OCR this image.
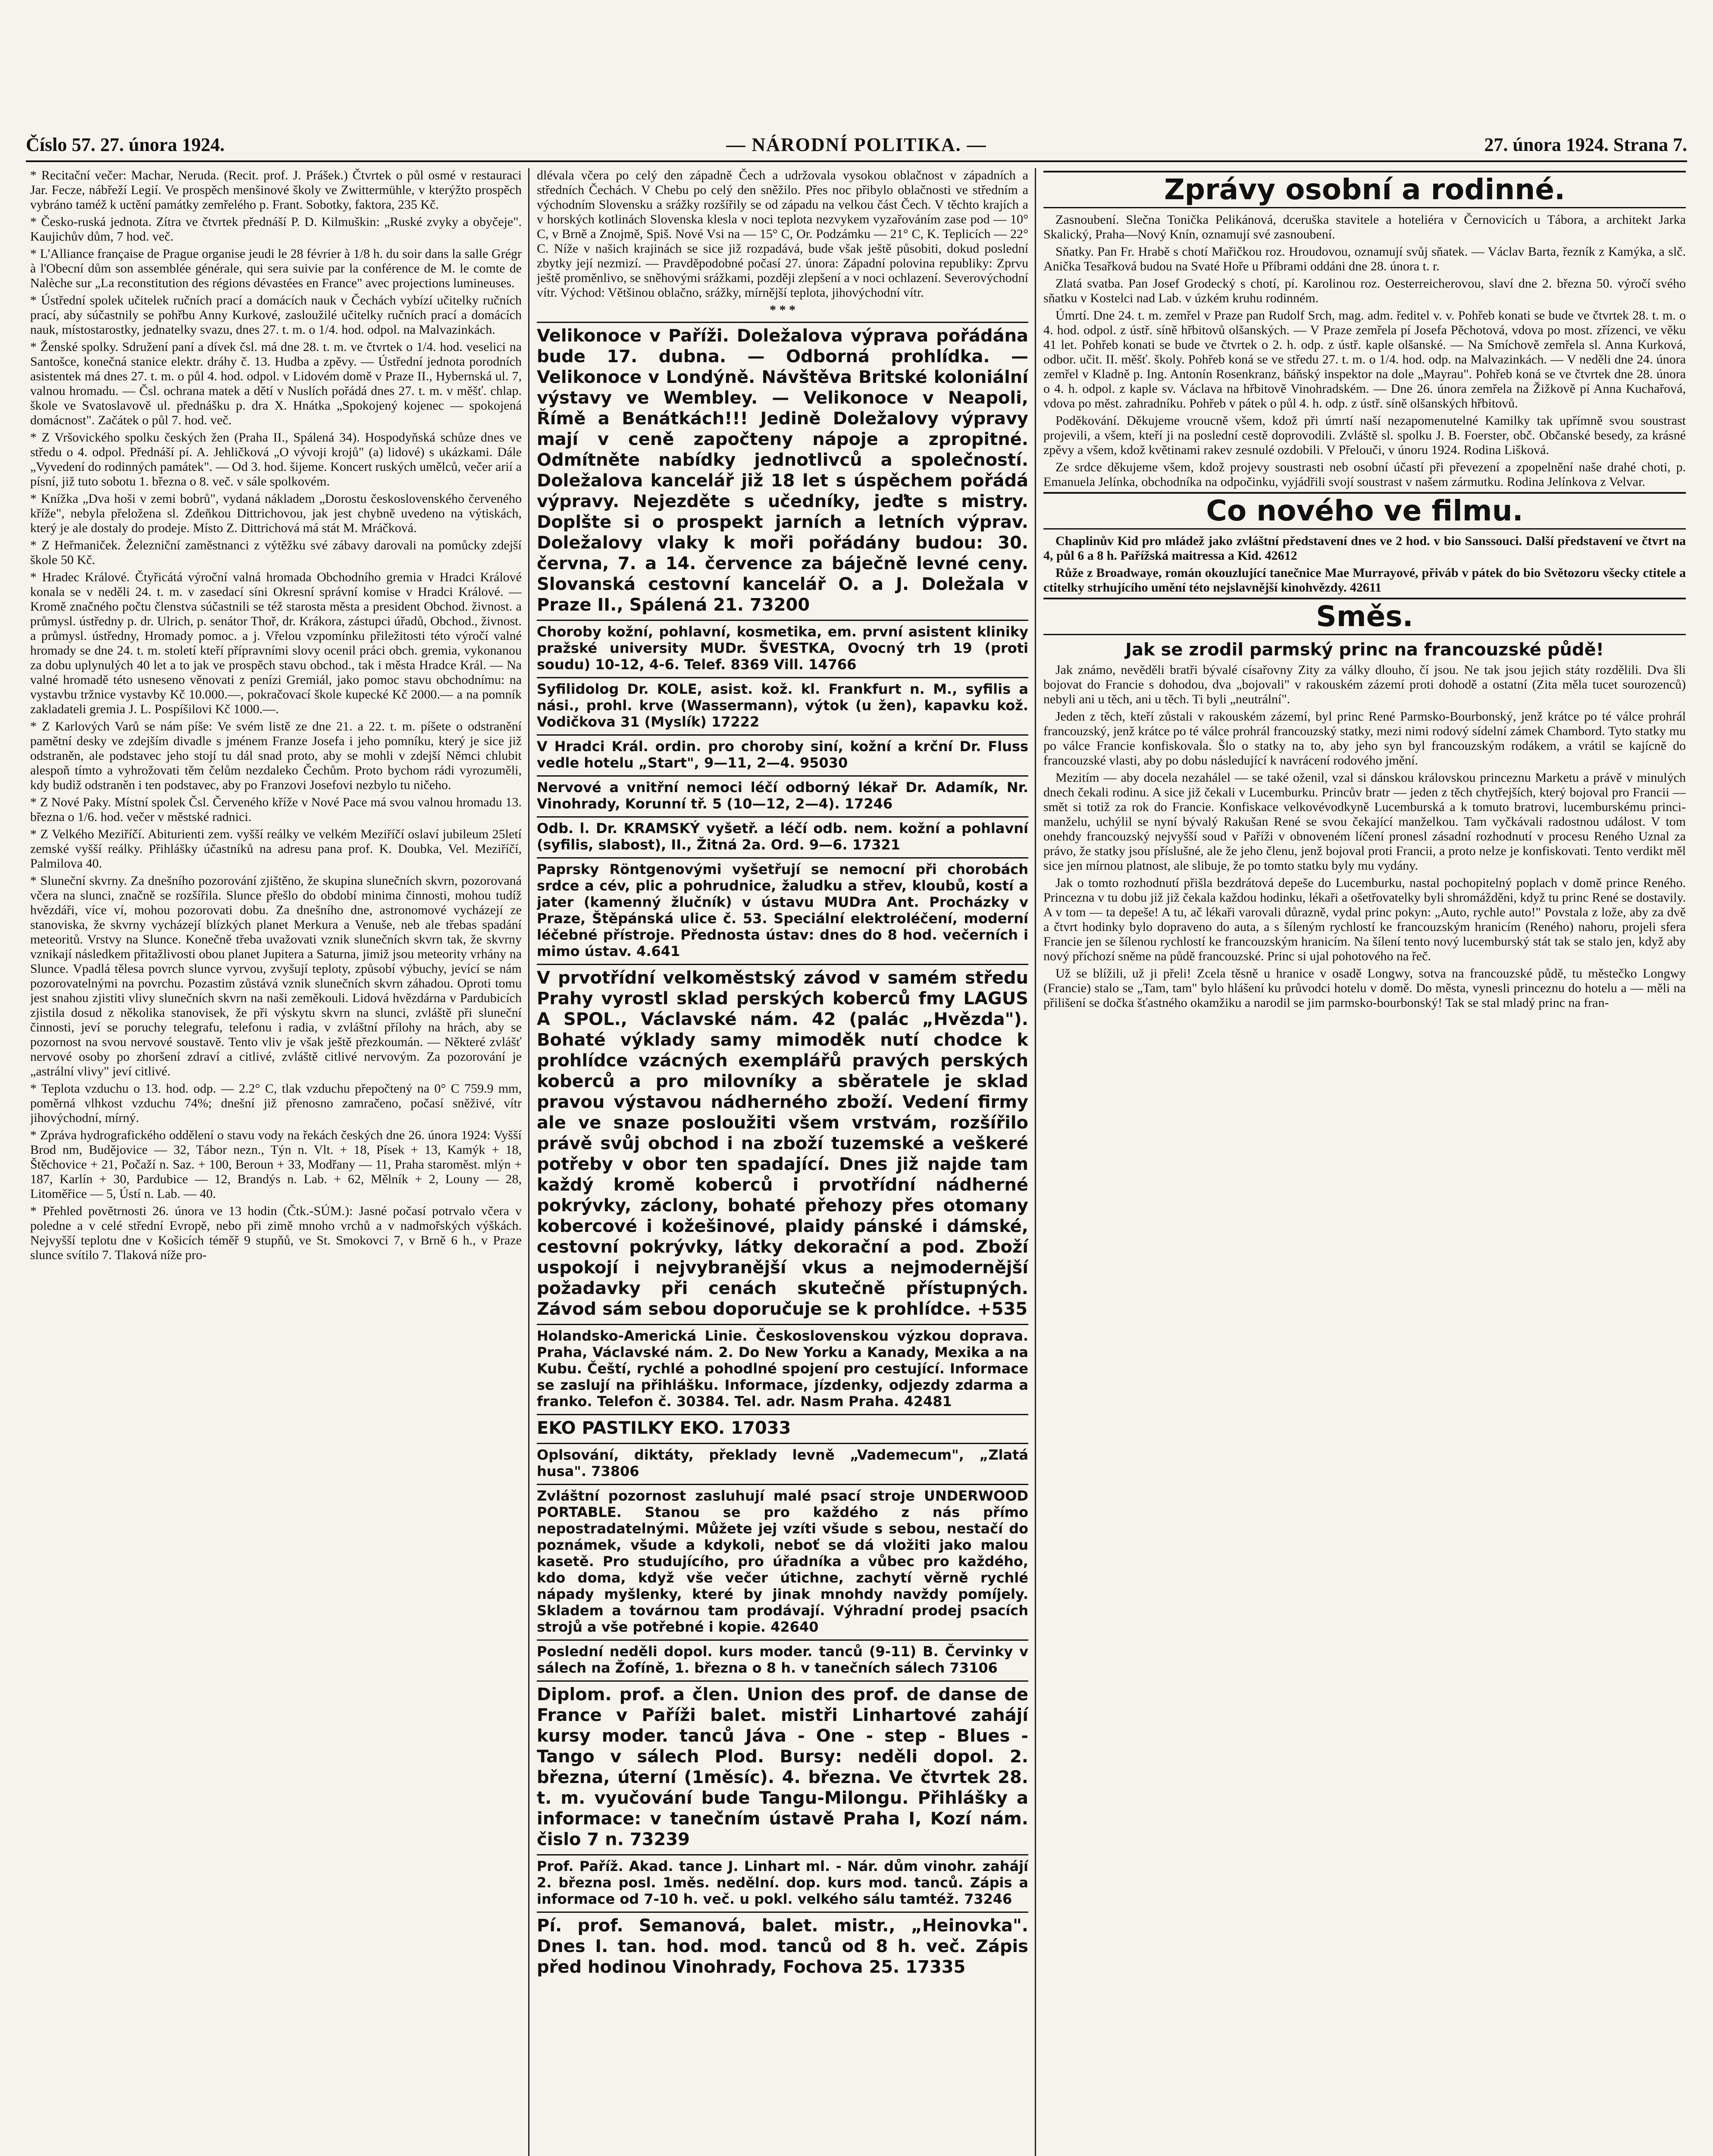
Číslo 57. 27. února 1924.	— NÁRODNÍ POLITIKA. —	27. února 1924. Strana 7.

* Recitační večer: Machar, Neruda. (Recit. prof. J. Prášek.) Čtvrtek o půl osmé v restauraci Jar. Fecze, nábřeží Legií. Ve prospěch menšinové školy ve Zwittermühle, v kterýžto prospěch vybráno taméž k uctění památky zemřelého p. Frant. Sobotky, faktora, 235 Kč.

* Česko-ruská jednota. Zítra ve čtvrtek přednáší P. D. Kilmuškin: „Ruské zvyky a obyčeje". Kaujichův dům, 7 hod. več.

* L'Alliance française de Prague organise jeudi le 28 février à 1/8 h. du soir dans la salle Grégr à l'Obecní dům son assemblée générale, qui sera suivie par la conférence de M. le comte de Nalèche sur „La reconstitution des régions dévastées en France" avec projections lumineuses.

* Ústřední spolek učitelek ručních prací a domácích nauk v Čechách vybízí učitelky ručních prací, aby súčastnily se pohřbu Anny Kurkové, zasloužilé učitelky ručních prací a domácích nauk, místostarostky, jednatelky svazu, dnes 27. t. m. o 1/4. hod. odpol. na Malvazinkách.

* Ženské spolky. Sdružení paní a dívek čsl. má dne 28. t. m. ve čtvrtek o 1/4. hod. veselici na Santošce, konečná stanice elektr. dráhy č. 13. Hudba a zpěvy. — Ústřední jednota porodních asistentek má dnes 27. t. m. o půl 4. hod. odpol. v Lidovém domě v Praze II., Hybernská ul. 7, valnou hromadu. — Čsl. ochrana matek a dětí v Nuslích pořádá dnes 27. t. m. v měšť. chlap. škole ve Svatoslavově ul. přednášku p. dra X. Hnátka „Spokojený kojenec — spokojená domácnost". Začátek o půl 7. hod. več.

* Z Vršovického spolku českých žen (Praha II., Spálená 34). Hospodyňská schůze dnes ve středu o 4. odpol. Přednáší pí. A. Jehličková „O vývoji krojů" (a) lidové) s ukázkami. Dále „Vyvedení do rodinných památek". — Od 3. hod. šijeme. Koncert ruských umělců, večer arií a písní, již tuto sobotu 1. března o 8. več. v sále spolkovém.

* Knížka „Dva hoši v zemi bobrů", vydaná nákladem „Dorostu československého červeného kříže", nebyla přeložena sl. Zdeňkou Dittrichovou, jak jest chybně uvedeno na výtiskách, který je ale dostaly do prodeje. Místo Z. Dittrichová má stát M. Mráčková.

* Z Heřmaniček. Železniční zaměstnanci z výtěžku své zábavy darovali na pomůcky zdejší škole 50 Kč.

* Hradec Králové. Čtyřicátá výroční valná hromada Obchodního gremia v Hradci Králové konala se v neděli 24. t. m. v zasedací síni Okresní správní komise v Hradci Králové. — Kromě značného počtu členstva súčastnili se též starosta města a president Obchod. živnost. a průmysl. ústředny p. dr. Ulrich, p. senátor Thoř, dr. Krákora, zástupci úřadů, Obchod., živnost. a průmysl. ústředny, Hromady pomoc. a j. Vřelou vzpomínku přiležitosti této výročí valné hromady se dne 24. t. m. století kteří přípravními slovy ocenil práci obch. gremia, vykonanou za dobu uplynulých 40 let a to jak ve prospěch stavu obchod., tak i města Hradce Král. — Na valné hromadě této usneseno věnovati z penízi Gremiál, jako pomoc stavu obchodnímu: na vystavbu tržnice vystavby Kč 10.000.—, pokračovací škole kupecké Kč 2000.— a na pomník zakladateli gremia J. L. Pospíšilovi Kč 1000.—.

* Z Karlových Varů se nám píše: Ve svém listě ze dne 21. a 22. t. m. píšete o odstranění pamětní desky ve zdejším divadle s jménem Franze Josefa i jeho pomníku, který je sice již odstraněn, ale podstavec jeho stojí tu dál snad proto, aby se mohli v zdejší Němci chlubit alespoň tímto a vyhrožovati těm čelům nezdaleko Čechům. Proto bychom rádi vyrozuměli, kdy budiž odstraněn i ten podstavec, aby po Franzovi Josefovi nezbylo tu ničeho.

* Z Nové Paky. Místní spolek Čsl. Červeného kříže v Nové Pace má svou valnou hromadu 13. března o 1/6. hod. večer v městské radnici.

* Z Velkého Meziříčí. Abiturienti zem. vyšší reálky ve velkém Meziříčí oslaví jubileum 25letí zemské vyšší reálky. Přihlášky účastníků na adresu pana prof. K. Doubka, Vel. Meziříčí, Palmilova 40.

* Sluneční skvrny. Za dnešního pozorování zjištěno, že skupina slunečních skvrn, pozorovaná včera na slunci, značně se rozšířila. Slunce přešlo do období minima činnosti, mohou tudíž hvězdáři, více ví, mohou pozorovati dobu. Za dnešního dne, astronomové vycházejí ze stanoviska, že skvrny vycházejí blízkých planet Merkura a Venuše, neb ale třebas spadání meteoritů. Vrstvy na Slunce. Konečně třeba uvažovati vznik slunečních skvrn tak, že skvrny vznikají následkem přitažlivosti obou planet Jupitera a Saturna, jimiž jsou meteority vrhány na Slunce. Vpadlá tělesa povrch slunce vyrvou, zvyšují teploty, způsobí výbuchy, jevící se nám pozorovatelnými na povrchu. Pozastim zůstává vznik slunečních skvrn záhadou. Oproti tomu jest snahou zjistiti vlivy slunečních skvrn na naši zeměkouli. Lidová hvězdárna v Pardubicích zjistila dosud z několika stanovisek, že při výskytu skvrn na slunci, zvláště při sluneční činnosti, jeví se poruchy telegrafu, telefonu i radia, v zvláštní přílohy na hrách, aby se pozornost na svou nervové soustavě. Tento vliv je však ještě přezkoumán. — Některé zvlášť nervové osoby po zhoršení zdraví a citlivé, zvláště citlivé nervovým. Za pozorování je „astrální vlivy" jeví citlivé.

* Teplota vzduchu o 13. hod. odp. — 2.2° C, tlak vzduchu přepočtený na 0° C 759.9 mm, poměrná vlhkost vzduchu 74%; dnešní již přenosno zamračeno, počasí sněživé, vítr jihovýchodní, mírný.

* Zpráva hydrografického oddělení o stavu vody na řekách českých dne 26. února 1924: Vyšší Brod nm, Budějovice — 32, Tábor nezn., Týn n. Vlt. + 18, Písek + 13, Kamýk + 18, Štěchovice + 21, Počaží n. Saz. + 100, Beroun + 33, Modřany — 11, Praha staroměst. mlýn + 187, Karlín + 30, Pardubice — 12, Brandýs n. Lab. + 62, Mělník + 2, Louny — 28, Litoměřice — 5, Ústí n. Lab. — 40.

* Přehled povětrnosti 26. února ve 13 hodin (Čtk.-SÚM.): Jasné počasí potrvalo včera v poledne a v celé střední Evropě, nebo při zimě mnoho vrchů a v nadmořských výškách. Nejvyšší teplotu dne v Košicích téměř 9 stupňů, ve St. Smokovci 7, v Brně 6 h., v Praze slunce svítilo 7. Tlaková níže pro-

dlévala včera po celý den západně Čech a udržovala vysokou oblačnost v západních a středních Čechách. V Chebu po celý den sněžilo. Přes noc přibylo oblačnosti ve středním a východním Slovensku a srážky rozšířily se od západu na velkou část Čech. V těchto krajích a v horských kotlinách Slovenska klesla v noci teplota nezvykem vyzařováním zase pod — 10° C, v Brně a Znojmě, Spiš. Nové Vsi na — 15° C, Or. Podzámku — 21° C, K. Teplicích — 22° C. Níže v našich krajinách se sice již rozpadává, bude však ještě působiti, dokud poslední zbytky její nezmizí. — Pravděpodobné počasí 27. února: Západní polovina republiky: Zprvu ještě proměnlivo, se sněhovými srážkami, později zlepšení a v noci ochlazení. Severovýchodní vítr. Východ: Většinou oblačno, srážky, mírnější teplota, jihovýchodní vítr.

* * *
Velikonoce v Paříži. Doležalova výprava pořádána bude 17. dubna. — Odborná prohlídka. — Velikonoce v Londýně. Návštěva Britské koloniální výstavy ve Wembley. — Velikonoce v Neapoli, Římě a Benátkách!!! Jedině Doležalovy výpravy mají v ceně započteny nápoje a zpropitné. Odmítněte nabídky jednotlivců a společností. Doležalova kancelář již 18 let s úspěchem pořádá výpravy. Nejezděte s učedníky, jeďte s mistry. Doplšte si o prospekt jarních a letních výprav. Doležalovy vlaky k moři pořádány budou: 30. června, 7. a 14. července za báječně levné ceny. Slovanská cestovní kancelář O. a J. Doležala v Praze II., Spálená 21. 73200
Choroby kožní, pohlavní, kosmetika, em. první asistent kliniky pražské university MUDr. ŠVESTKA, Ovocný trh 19 (proti soudu) 10-12, 4-6. Telef. 8369 Vill. 14766
Syfilidolog Dr. KOLE, asist. kož. kl. Frankfurt n. M., syfilis a nási., prohl. krve (Wassermann), výtok (u žen), kapavku kož. Vodičkova 31 (Myslík) 17222
V Hradci Král. ordin. pro choroby siní, kožní a krční Dr. Fluss vedle hotelu „Start", 9—11, 2—4. 95030
Nervové a vnitřní nemoci léčí odborný lékař Dr. Adamík, Nr. Vinohrady, Korunní tř. 5 (10—12, 2—4). 17246
Odb. l. Dr. KRAMSKÝ vyšetř. a léčí odb. nem. kožní a pohlavní (syfilis, slabost), II., Žitná 2a. Ord. 9—6. 17321
Paprsky Röntgenovými vyšetřují se nemocní při chorobách srdce a cév, plic a pohrudnice, žaludku a střev, kloubů, kostí a jater (kamenný žlučník) v ústavu MUDra Ant. Procházky v Praze, Štěpánská ulice č. 53. Speciální elektroléčení, moderní léčebné přístroje. Přednosta ústav: dnes do 8 hod. večerních i mimo ústav. 4.641
V prvotřídní velkoměstský závod v samém středu Prahy vyrostl sklad perských koberců fmy LAGUS A SPOL., Václavské nám. 42 (palác „Hvězda"). Bohaté výklady samy mimoděk nutí chodce k prohlídce vzácných exemplářů pravých perských koberců a pro milovníky a sběratele je sklad pravou výstavou nádherného zboží. Vedení firmy ale ve snaze posloužiti všem vrstvám, rozšířilo právě svůj obchod i na zboží tuzemské a veškeré potřeby v obor ten spadající. Dnes již najde tam každý kromě koberců i prvotřídní nádherné pokrývky, záclony, bohaté přehozy přes otomany kobercové i kožešinové, plaidy pánské i dámské, cestovní pokrývky, látky dekorační a pod. Zboží uspokojí i nejvybranější vkus a nejmodernější požadavky při cenách skutečně přístupných. Závod sám sebou doporučuje se k prohlídce. +535
Holandsko-Americká Linie. Československou výzkou doprava. Praha, Václavské nám. 2. Do New Yorku a Kanady, Mexika a na Kubu. Čeští, rychlé a pohodlné spojení pro cestující. Informace se zaslují na přihlášku. Informace, jízdenky, odjezdy zdarma a franko. Telefon č. 30384. Tel. adr. Nasm Praha. 42481
EKO PASTILKY EKO. 17033
Oplsování, diktáty, překlady levně „Vademecum", „Zlatá husa". 73806
Zvláštní pozornost zasluhují malé psací stroje UNDERWOOD PORTABLE. Stanou se pro každého z nás přímo nepostradatelnými. Můžete jej vzíti všude s sebou, nestačí do poznámek, všude a kdykoli, neboť se dá vložiti jako malou kasetě. Pro studujícího, pro úřadníka a vůbec pro každého, kdo doma, když vše večer útichne, zachytí věrně rychlé nápady myšlenky, které by jinak mnohdy navždy pomíjely. Skladem a továrnou tam prodávají. Výhradní prodej psacích strojů a vše potřebné i kopie. 42640
Poslední neděli dopol. kurs moder. tanců (9-11) B. Červinky v sálech na Žofíně, 1. března o 8 h. v tanečních sálech 73106
Diplom. prof. a člen. Union des prof. de danse de France v Paříži balet. mistři Linhartové zahájí kursy moder. tanců Jáva - One - step - Blues - Tango v sálech Plod. Bursy: neděli dopol. 2. března, úterní (1měsíc). 4. března. Ve čtvrtek 28. t. m. vyučování bude Tangu-Milongu. Přihlášky a informace: v tanečním ústavě Praha I, Kozí nám. čislo 7 n. 73239
Prof. Paříž. Akad. tance J. Linhart ml. - Nár. dům vinohr. zahájí 2. března posl. 1měs. nedělní. dop. kurs mod. tanců. Zápis a informace od 7-10 h. več. u pokl. velkého sálu tamtéž. 73246
Pí. prof. Semanová, balet. mistr., „Heinovka". Dnes I. tan. hod. mod. tanců od 8 h. več. Zápis před hodinou Vinohrady, Fochova 25. 17335
Zprávy osobní a rodinné.

Zasnoubení. Slečna Tonička Pelikánová, dceruška stavitele a hoteliéra v Černovicích u Tábora, a architekt Jarka Skalický, Praha—Nový Knín, oznamují své zasnoubení.

Sňatky. Pan Fr. Hrabě s chotí Mařičkou roz. Hroudovou, oznamují svůj sňatek. — Václav Barta, řezník z Kamýka, a slč. Anička Tesařková budou na Svaté Hoře u Příbrami oddáni dne 28. února t. r.

Zlatá svatba. Pan Josef Grodecký s chotí, pí. Karolinou roz. Oesterreicherovou, slaví dne 2. března 50. výročí svého sňatku v Kostelci nad Lab. v úzkém kruhu rodinném.

Úmrtí. Dne 24. t. m. zemřel v Praze pan Rudolf Srch, mag. adm. ředitel v. v. Pohřeb konati se bude ve čtvrtek 28. t. m. o 4. hod. odpol. z ústř. síně hřbitovů olšanských. — V Praze zemřela pí Josefa Pěchotová, vdova po most. zřízenci, ve věku 41 let. Pohřeb konati se bude ve čtvrtek o 2. h. odp. z ústř. kaple olšanské. — Na Smíchově zemřela sl. Anna Kurková, odbor. učit. II. měšť. školy. Pohřeb koná se ve středu 27. t. m. o 1/4. hod. odp. na Malvazinkách. — V neděli dne 24. února zemřel v Kladně p. Ing. Antonín Rosenkranz, báňský inspektor na dole „Mayrau". Pohřeb koná se ve čtvrtek dne 28. února o 4. h. odpol. z kaple sv. Václava na hřbitově Vinohradském. — Dne 26. února zemřela na Žižkově pí Anna Kuchařová, vdova po měst. zahradníku. Pohřeb v pátek o půl 4. h. odp. z ústř. síně olšanských hřbitovů.

Poděkování. Děkujeme vroucně všem, kdož při úmrtí naší nezapomenutelné Kamilky tak upřímně svou soustrast projevili, a všem, kteří ji na poslední cestě doprovodili. Zvláště sl. spolku J. B. Foerster, obč. Občanské besedy, za krásné zpěvy a všem, kdož květinami rakev zesnulé ozdobili. V Přelouči, v únoru 1924. Rodina Lišková.

Ze srdce děkujeme všem, kdož projevy soustrasti neb osobní účastí při převezení a zpopelnění naše drahé choti, p. Emanuela Jelínka, obchodníka na odpočinku, vyjádřili svojí soustrast v našem zármutku. Rodina Jelínkova z Velvar.

Co nového ve filmu.

Chaplinův Kid pro mládež jako zvláštní představení dnes ve 2 hod. v bio Sanssouci. Další představení ve čtvrt na 4, půl 6 a 8 h. Pařížská maitressa a Kid. 42612

Růže z Broadwaye, román okouzlující tanečnice Mae Murrayové, přiváb v pátek do bio Světozoru všecky ctitele a ctitelky strhujícího umění této nejslavnější kinohvězdy. 42611

Směs.
Jak se zrodil parmský princ na francouzské půdě!

Jak známo, nevěděli bratři bývalé císařovny Zity za války dlouho, čí jsou. Ne tak jsou jejich státy rozdělili. Dva šli bojovat do Francie s dohodou, dva „bojovali" v rakouském zázemí proti dohodě a ostatní (Zita měla tucet sourozenců) nebyli ani u těch, ani u těch. Ti byli „neutrální".

Jeden z těch, kteří zůstali v rakouském zázemí, byl princ René Parmsko-Bourbonský, jenž krátce po té válce prohrál francouzský, jenž krátce po té válce prohrál francouzský statky, mezi nimi rodový sídelní zámek Chambord. Tyto statky mu po válce Francie konfiskovala. Šlo o statky na to, aby jeho syn byl francouzským rodákem, a vrátil se kajícně do francouzské vlasti, aby po dobu následující k navrácení rodového jmění.

Mezitím — aby docela nezahálel — se také oženil, vzal si dánskou královskou princeznu Marketu a právě v minulých dnech čekali rodinu. A sice již čekali v Lucemburku. Princův bratr — jeden z těch chytřejších, který bojoval pro Francii — smět si totiž za rok do Francie. Konfiskace velkovévodkyně Lucemburská a k tomuto bratrovi, lucemburskému princi-manželu, uchýlil se nyní bývalý Rakušan René se svou čekající manželkou. Tam vyčkávali radostnou událost. V tom onehdy francouzský nejvyšší soud v Paříži v obnoveném líčení pronesl zásadní rozhodnutí v procesu Reného Uznal za právo, že statky jsou příslušné, ale že jeho členu, jenž bojoval proti Francii, a proto nelze je konfiskovati. Tento verdikt měl sice jen mírnou platnost, ale slibuje, že po tomto statku byly mu vydány.

Jak o tomto rozhodnutí přišla bezdrátová depeše do Lucemburku, nastal pochopitelný poplach v domě prince Reného. Princezna v tu dobu již již čekala každou hodinku, lékaři a ošetřovatelky byli shromážděni, když tu princ René se dostavily. A v tom — ta depeše! A tu, ač lékaři varovali důrazně, vydal princ pokyn: „Auto, rychle auto!" Povstala z lože, aby za dvě a čtvrt hodinky bylo dopraveno do auta, a s šíleným rychlostí ke francouzským hranicím (Reného) nahoru, projeli sfera Francie jen se šílenou rychlostí ke francouzským hranicím. Na šílení tento nový lucemburský stát tak se stalo jen, když aby nový příchozí sněme na půdě francouzské. Princ si ujal pohotového na řeč.

Už se blížili, už ji přeli! Zcela těsně u hranice v osadě Longwy, sotva na francouzské půdě, tu městečko Longwy (Francie) stalo se „Tam, tam" bylo hlášení ku průvodci hotelu v domě. Do města, vynesli princeznu do hotelu a — měli na přilišení se dočka šťastného okamžiku a narodil se jim parmsko-bourbonský! Tak se stal mladý princ na fran-
